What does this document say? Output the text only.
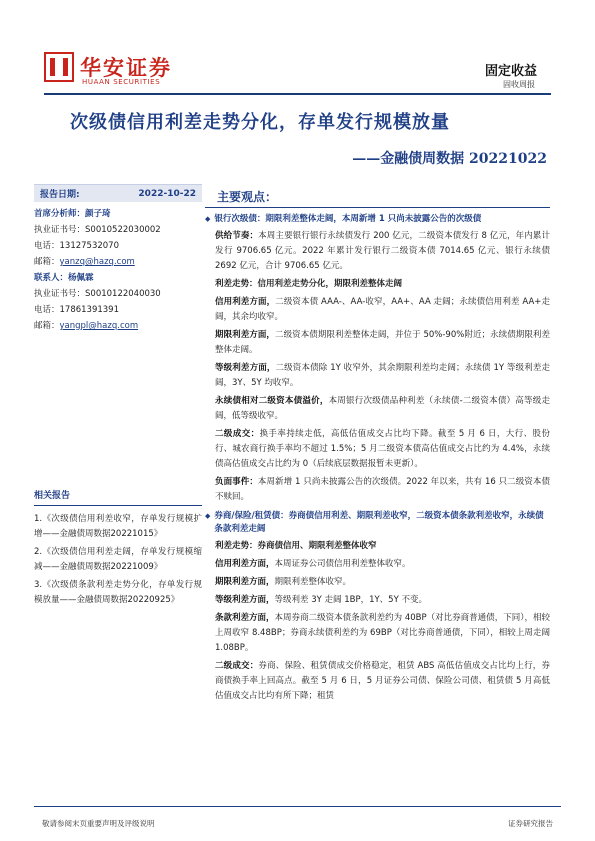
华安证券
HUAAN SECURITIES
固定收益
固收周报
次级债信用利差走势分化，存单发行规模放量
——金融债周数据 20221022
报告日期:	2022-10-22
首席分析师：颜子琦
执业证书号：S0010522030002
电话：13127532070
邮箱：yanzq@hazq.com
联系人：杨佩霖
执业证书号：S0010122040030
电话：17861391391
邮箱：yangpl@hazq.com
相关报告
1.《次级债信用利差收窄，存单发行规模扩增——金融债周数据20221015》
2.《次级债信用利差走阔，存单发行规模缩减——金融债周数据20221009》
3.《次级债条款利差走势分化，存单发行规模放量——金融债周数据20220925》
主要观点：
◆ 银行次级债：期限利差整体走阔，本周新增 1 只尚未披露公告的次级债

供给节奏：本周主要银行银行永续债发行 200 亿元，二级资本债发行 8 亿元，年内累计发行 9706.65 亿元。2022 年累计发行银行二级资本债 7014.65 亿元、银行永续债 2692 亿元，合计 9706.65 亿元。

利差走势：信用利差走势分化，期限利差整体走阔

信用利差方面，二级资本债 AAA-、AA-收窄，AA+、AA 走阔；永续债信用利差 AA+走阔，其余均收窄。

期限利差方面，二级资本债期限利差整体走阔，并位于 50%-90%附近；永续债期限利差整体走阔。

等级利差方面，二级资本债除 1Y 收窄外，其余期限利差均走阔；永续债 1Y 等级利差走阔，3Y、5Y 均收窄。

永续债相对二级资本债溢价，本周银行次级债品种利差（永续债-二级资本债）高等级走阔，低等级收窄。

二级成交：换手率持续走低，高低估值成交占比均下降。截至 5 月 6 日，大行、股份行、城农商行换手率均不超过 1.5%；5 月二级资本债高估值成交占比约为 4.4%，永续债高估值成交占比约为 0（后续底层数据报暂未更新）。

负面事件：本周新增 1 只尚未披露公告的次级债。2022 年以来，共有 16 只二级资本债不赎回。

◆ 券商/保险/租赁债：券商债信用利差、期限利差收窄，二级资本债条款利差收窄，永续债条款利差走阔

利差走势：券商债信用、期限利差整体收窄

信用利差方面，本周证券公司债信用利差整体收窄。

期限利差方面，期限利差整体收窄。

等级利差方面，等级利差 3Y 走阔 1BP，1Y、5Y 不变。

条款利差方面，本周券商二级资本债条款利差约为 40BP（对比券商普通债，下同），相较上周收窄 8.48BP；券商永续债利差约为 69BP（对比券商普通债，下同），相较上周走阔 1.08BP。

二级成交：券商、保险、租赁债成交价格稳定，租赁 ABS 高低估值成交占比均上行，券商债换手率上回高点。截至 5 月 6 日，5 月证券公司债、保险公司债、租赁债 5 月高低估值成交占比均有所下降；租赁

敬请参阅末页重要声明及评级说明	证券研究报告
